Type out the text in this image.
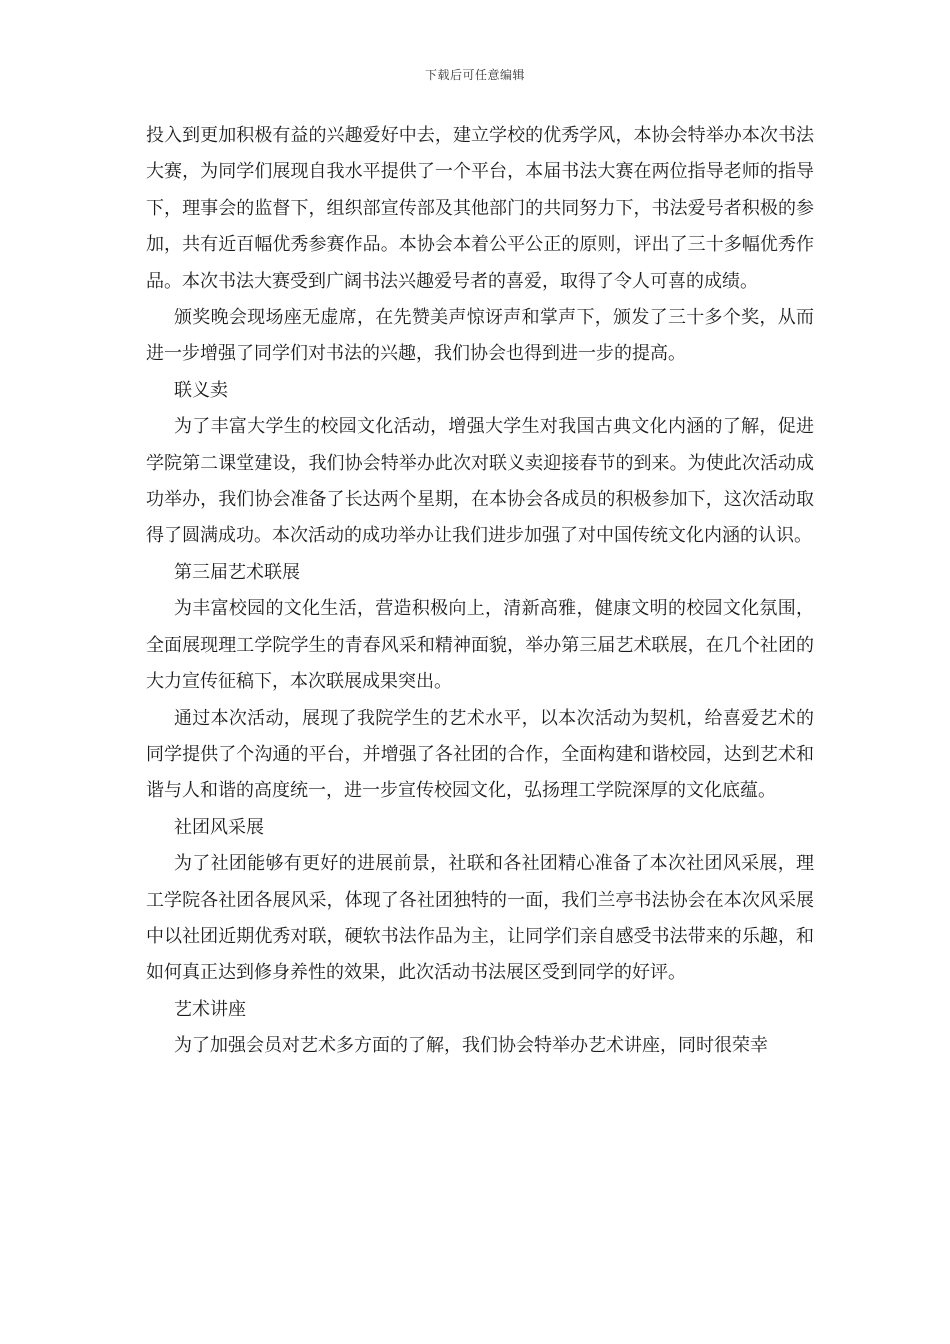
下载后可任意编辑

投入到更加积极有益的兴趣爱好中去，建立学校的优秀学风，本协会特举办本次书法大赛，为同学们展现自我水平提供了一个平台，本届书法大赛在两位指导老师的指导下，理事会的监督下，组织部宣传部及其他部门的共同努力下，书法爱号者积极的参加，共有近百幅优秀参赛作品。本协会本着公平公正的原则，评出了三十多幅优秀作品。本次书法大赛受到广阔书法兴趣爱号者的喜爱，取得了令人可喜的成绩。

颁奖晚会现场座无虚席，在先赞美声惊讶声和掌声下，颁发了三十多个奖，从而进一步增强了同学们对书法的兴趣，我们协会也得到进一步的提高。

联义卖

为了丰富大学生的校园文化活动，增强大学生对我国古典文化内涵的了解，促进学院第二课堂建设，我们协会特举办此次对联义卖迎接春节的到来。为使此次活动成功举办，我们协会准备了长达两个星期，在本协会各成员的积极参加下，这次活动取得了圆满成功。本次活动的成功举办让我们进步加强了对中国传统文化内涵的认识。

第三届艺术联展

为丰富校园的文化生活，营造积极向上，清新高雅，健康文明的校园文化氛围，全面展现理工学院学生的青春风采和精神面貌，举办第三届艺术联展，在几个社团的大力宣传征稿下，本次联展成果突出。

通过本次活动，展现了我院学生的艺术水平，以本次活动为契机，给喜爱艺术的同学提供了个沟通的平台，并增强了各社团的合作，全面构建和谐校园，达到艺术和谐与人和谐的高度统一，进一步宣传校园文化，弘扬理工学院深厚的文化底蕴。

社团风采展

为了社团能够有更好的进展前景，社联和各社团精心准备了本次社团风采展，理工学院各社团各展风采，体现了各社团独特的一面，我们兰亭书法协会在本次风采展中以社团近期优秀对联，硬软书法作品为主，让同学们亲自感受书法带来的乐趣，和如何真正达到修身养性的效果，此次活动书法展区受到同学的好评。

艺术讲座

为了加强会员对艺术多方面的了解，我们协会特举办艺术讲座，同时很荣幸
